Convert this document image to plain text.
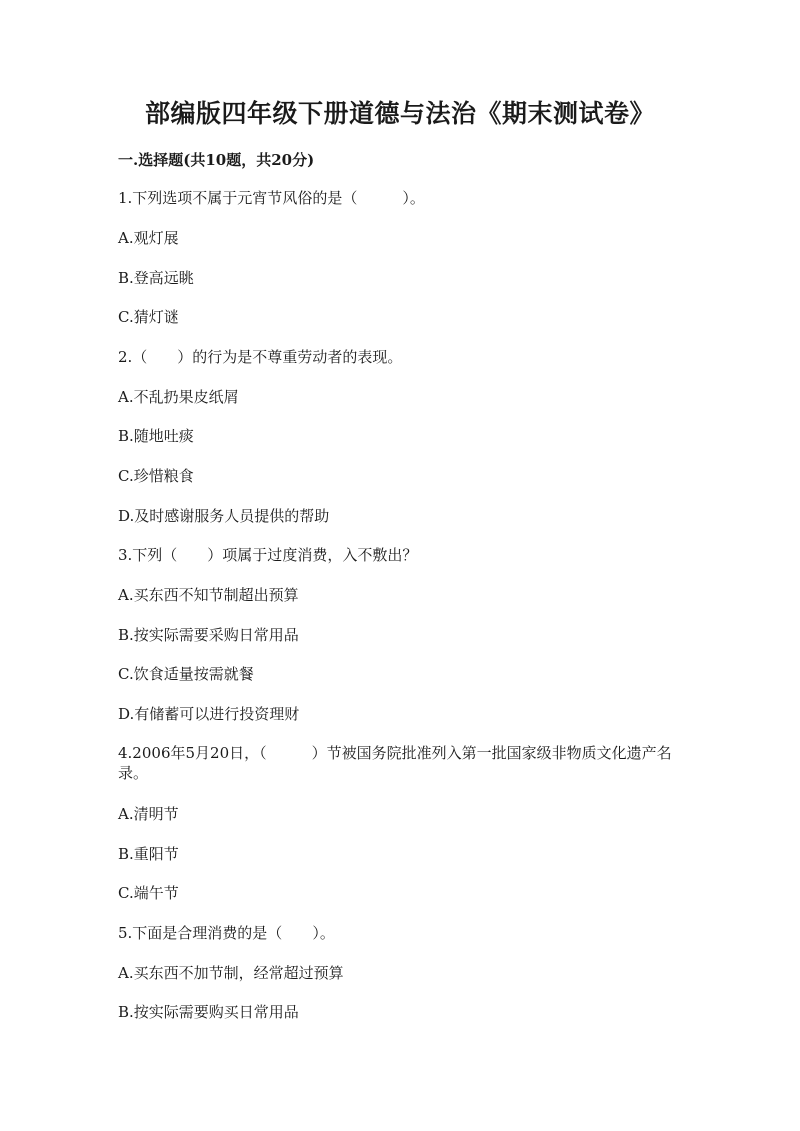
部编版四年级下册道德与法治《期末测试卷》
一.选择题(共10题，共20分)
1.下列选项不属于元宵节风俗的是（　　　）。
A.观灯展
B.登高远眺
C.猜灯谜
2.（　　）的行为是不尊重劳动者的表现。
A.不乱扔果皮纸屑
B.随地吐痰
C.珍惜粮食
D.及时感谢服务人员提供的帮助
3.下列（　　）项属于过度消费，入不敷出？
A.买东西不知节制超出预算
B.按实际需要采购日常用品
C.饮食适量按需就餐
D.有储蓄可以进行投资理财
4.2006年5月20日，（　　　）节被国务院批准列入第一批国家级非物质文化遗产名录。
A.清明节
B.重阳节
C.端午节
5.下面是合理消费的是（　　）。
A.买东西不加节制，经常超过预算
B.按实际需要购买日常用品
